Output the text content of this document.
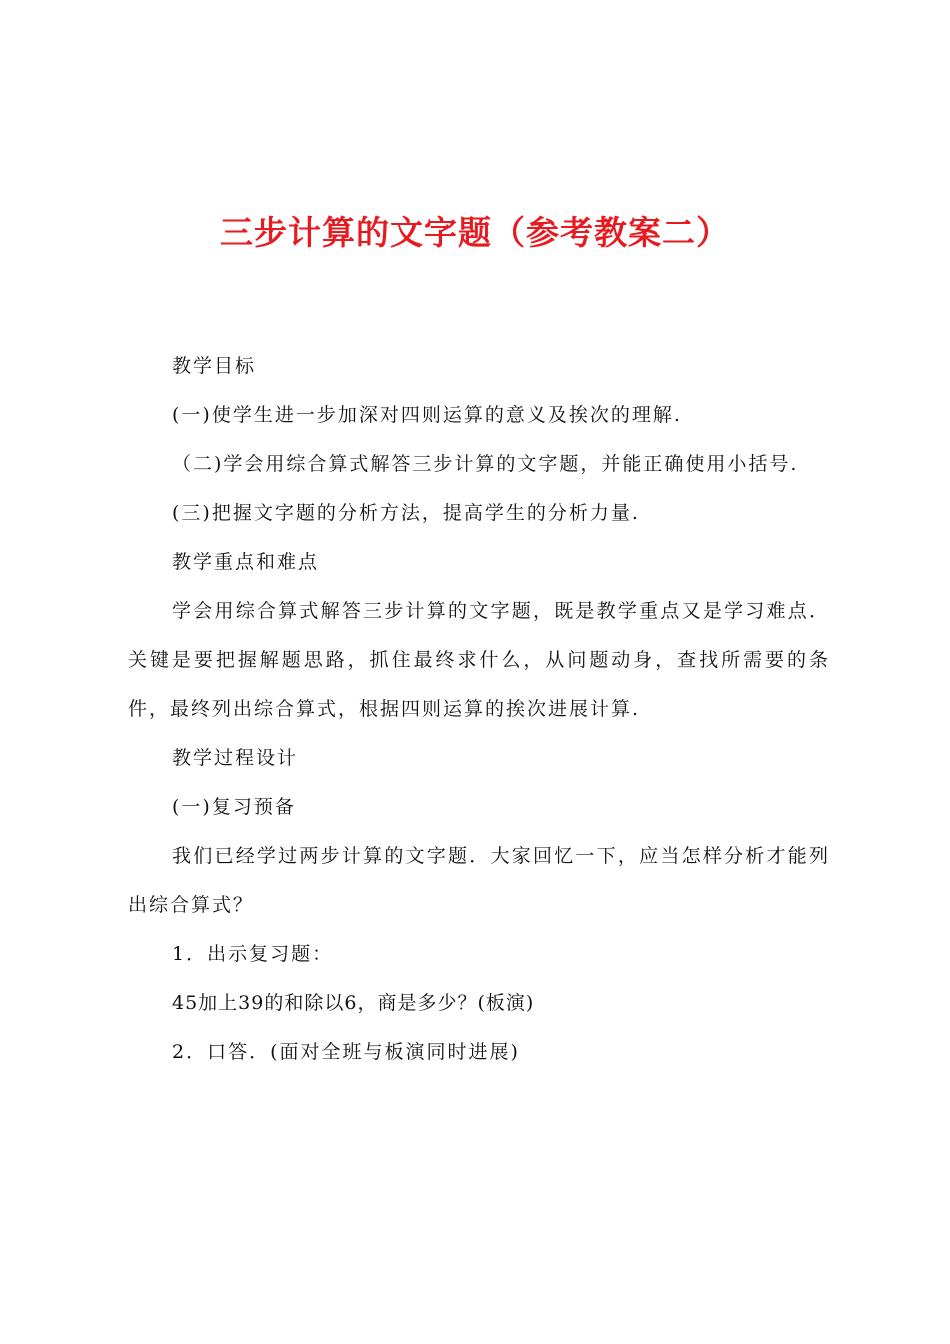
三步计算的文字题（参考教案二）

教学目标

(一)使学生进一步加深对四则运算的意义及挨次的理解.

（二)学会用综合算式解答三步计算的文字题，并能正确使用小括号.

(三)把握文字题的分析方法，提高学生的分析力量.

教学重点和难点

学会用综合算式解答三步计算的文字题，既是教学重点又是学习难点．关键是要把握解题思路，抓住最终求什么，从问题动身，查找所需要的条件，最终列出综合算式，根据四则运算的挨次进展计算.

教学过程设计

(一)复习预备

我们已经学过两步计算的文字题．大家回忆一下，应当怎样分析才能列出综合算式？

1．出示复习题：

45加上39的和除以6，商是多少？(板演)

2．口答．(面对全班与板演同时进展)
